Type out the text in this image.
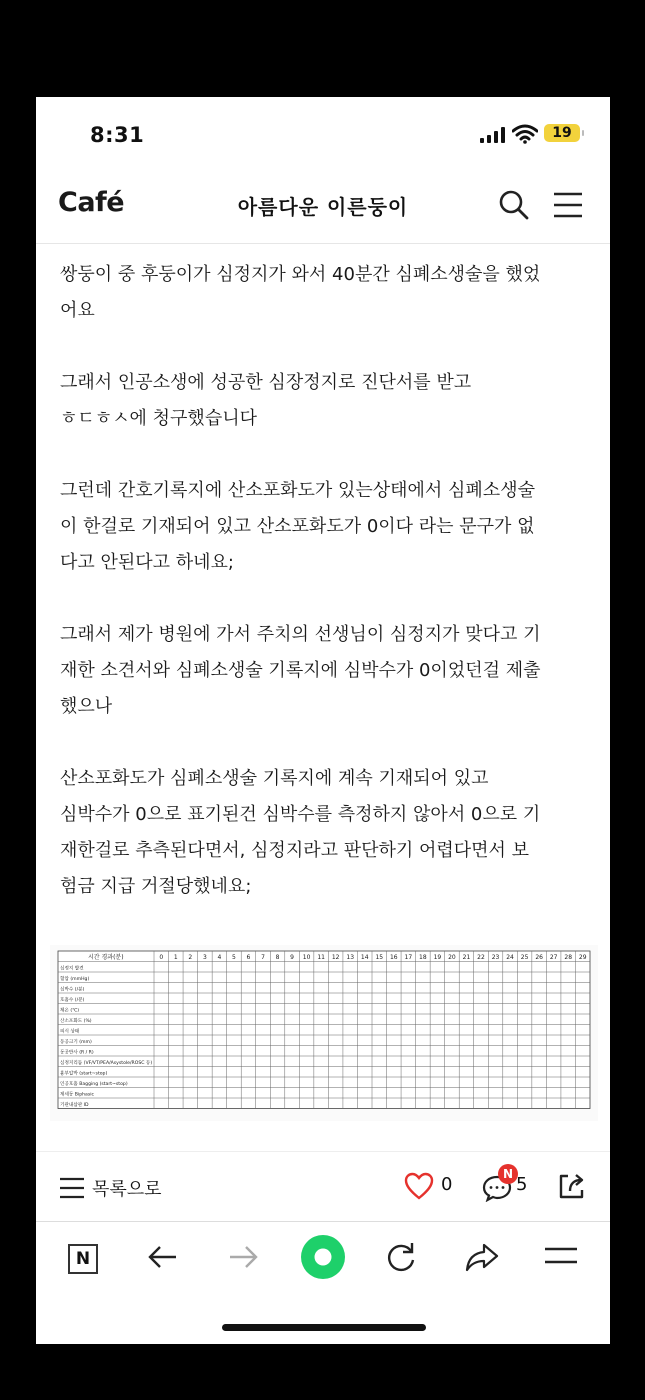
8:31	19
Café	아름다운 이른둥이

쌍둥이 중 후둥이가 심정지가 와서 40분간 심폐소생술을 했었
어요

그래서 인공소생에 성공한 심장정지로 진단서를 받고
ㅎㄷㅎㅅ에 청구했습니다

그런데 간호기록지에 산소포화도가 있는상태에서 심폐소생술
이 한걸로 기재되어 있고 산소포화도가 0이다 라는 문구가 없
다고 안된다고 하네요;

그래서 제가 병원에 가서 주치의 선생님이 심정지가 맞다고 기
재한 소견서와 심폐소생술 기록지에 심박수가 0이었던걸 제출
했으나

산소포화도가 심폐소생술 기록지에 계속 기재되어 있고
심박수가 0으로 표기된건 심박수를 측정하지 않아서 0으로 기
재한걸로 추측된다면서, 심정지라고 판단하기 어렵다면서 보
험금 지급 거절당했네요;

시간 경과(분)	0 1 2 3 4 5 6 7 8 9 10 11 12 13 14 15 16 17 18 19 20 21 22 23 24 25 26 27 28 29
심정지 발견
혈압 (mmHg)
심박수 (/분)
호흡수 (/분)
체온 (℃)
산소포화도 (%)
의식 상태
동공크기 (mm)
동공반사 (R / R)
심정지리듬 (VF/VT/PEA/Asystole/ROSC 등)
흉부압박 (start~stop)
인공호흡 Bagging (start~stop)
제세동 Biphasic
기관내삽관 ID
목록으로	0	N 5
N
